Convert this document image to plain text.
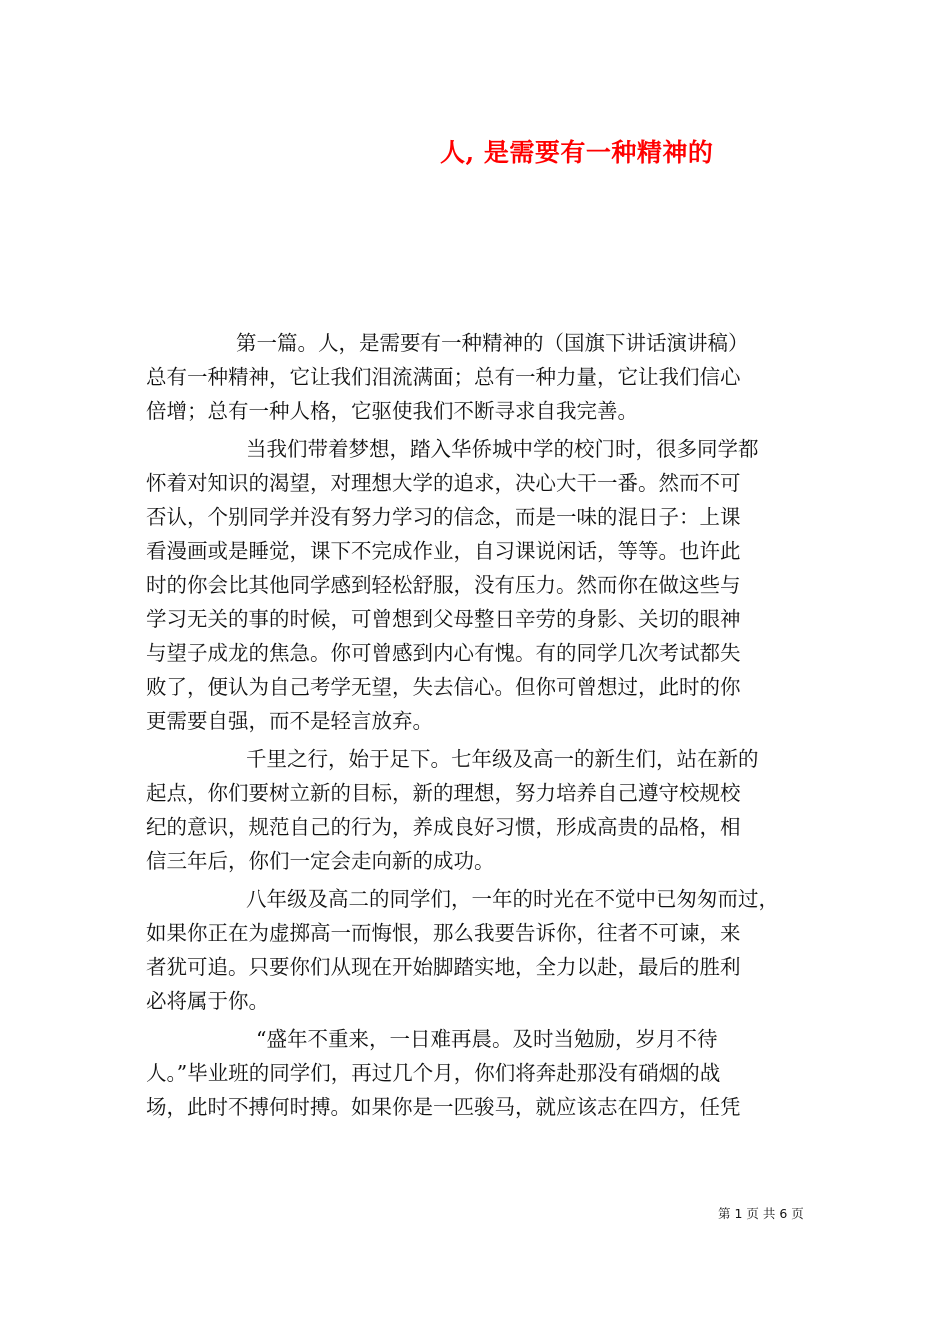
人, 是需要有一种精神的

第一篇。人，是需要有一种精神的（国旗下讲话演讲稿）
总有一种精神，它让我们泪流满面；总有一种力量，它让我们信心
倍增；总有一种人格，它驱使我们不断寻求自我完善。

当我们带着梦想，踏入华侨城中学的校门时，很多同学都
怀着对知识的渴望，对理想大学的追求，决心大干一番。然而不可
否认，个别同学并没有努力学习的信念，而是一味的混日子：上课
看漫画或是睡觉，课下不完成作业，自习课说闲话，等等。也许此
时的你会比其他同学感到轻松舒服，没有压力。然而你在做这些与
学习无关的事的时候，可曾想到父母整日辛劳的身影、关切的眼神
与望子成龙的焦急。你可曾感到内心有愧。有的同学几次考试都失
败了，便认为自己考学无望，失去信心。但你可曾想过，此时的你
更需要自强，而不是轻言放弃。

千里之行，始于足下。七年级及高一的新生们，站在新的
起点，你们要树立新的目标，新的理想，努力培养自己遵守校规校
纪的意识，规范自己的行为，养成良好习惯，形成高贵的品格，相
信三年后，你们一定会走向新的成功。

八年级及高二的同学们，一年的时光在不觉中已匆匆而过，
如果你正在为虚掷高一而悔恨，那么我要告诉你，往者不可谏，来
者犹可追。只要你们从现在开始脚踏实地，全力以赴，最后的胜利
必将属于你。

“盛年不重来，一日难再晨。及时当勉励，岁月不待
人。”毕业班的同学们，再过几个月，你们将奔赴那没有硝烟的战
场，此时不搏何时搏。如果你是一匹骏马，就应该志在四方，任凭

第 1 页 共 6 页
